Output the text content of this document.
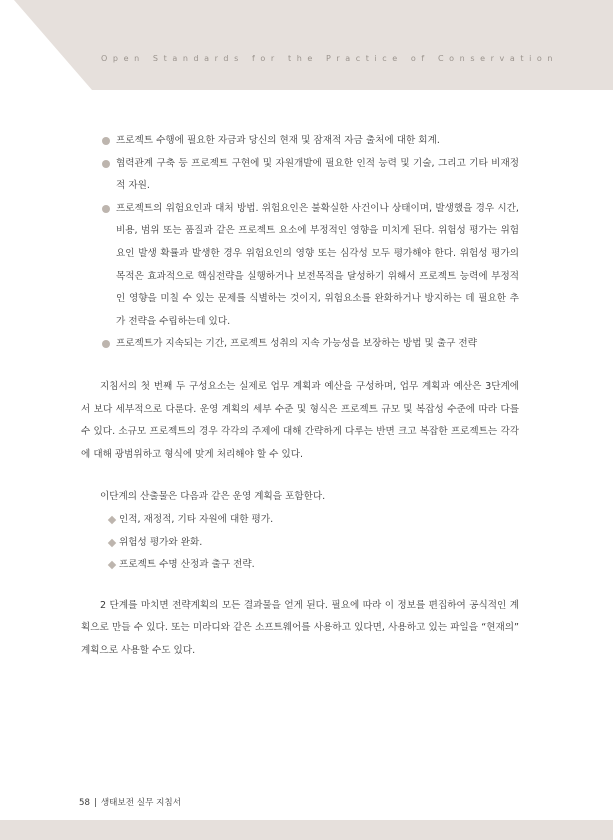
Open Standards for the Practice of Conservation
프로젝트 수행에 필요한 자금과 당신의 현재 및 잠재적 자금 출처에 대한 회계.
협력관계 구축 등 프로젝트 구현에 및 자원개발에 필요한 인적 능력 및 기술, 그리고 기타 비재정적 자원.
프로젝트의 위험요인과 대처 방법. 위험요인은 불확실한 사건이나 상태이며, 발생했을 경우 시간, 비용, 범위 또는 품질과 같은 프로젝트 요소에 부정적인 영향을 미치게 된다. 위험성 평가는 위험 요인 발생 확률과 발생한 경우 위험요인의 영향 또는 심각성 모두 평가해야 한다. 위험성 평가의 목적은 효과적으로 핵심전략을 실행하거나 보전목적을 달성하기 위해서 프로젝트 능력에 부정적인 영향을 미칠 수 있는 문제를 식별하는 것이지, 위험요소를 완화하거나 방지하는 데 필요한 추가 전략을 수립하는데 있다.
프로젝트가 지속되는 기간, 프로젝트 성취의 지속 가능성을 보장하는 방법 및 출구 전략

지침서의 첫 번째 두 구성요소는 실제로 업무 계획과 예산을 구성하며, 업무 계획과 예산은 3단계에서 보다 세부적으로 다룬다. 운영 계획의 세부 수준 및 형식은 프로젝트 규모 및 복잡성 수준에 따라 다를 수 있다. 소규모 프로젝트의 경우 각각의 주제에 대해 간략하게 다루는 반면 크고 복잡한 프로젝트는 각각에 대해 광범위하고 형식에 맞게 처리해야 할 수 있다.

이단계의 산출물은 다음과 같은 운영 계획을 포함한다.

인적, 재정적, 기타 자원에 대한 평가.
위험성 평가와 완화.
프로젝트 수명 산정과 출구 전략.

2 단계를 마치면 전략계획의 모든 결과물을 얻게 된다. 필요에 따라 이 정보를 편집하여 공식적인 계획으로 만들 수 있다. 또는 미라디와 같은 소프트웨어를 사용하고 있다면, 사용하고 있는 파일을 “현재의” 계획으로 사용할 수도 있다.

58 | 생태보전 실무 지침서
